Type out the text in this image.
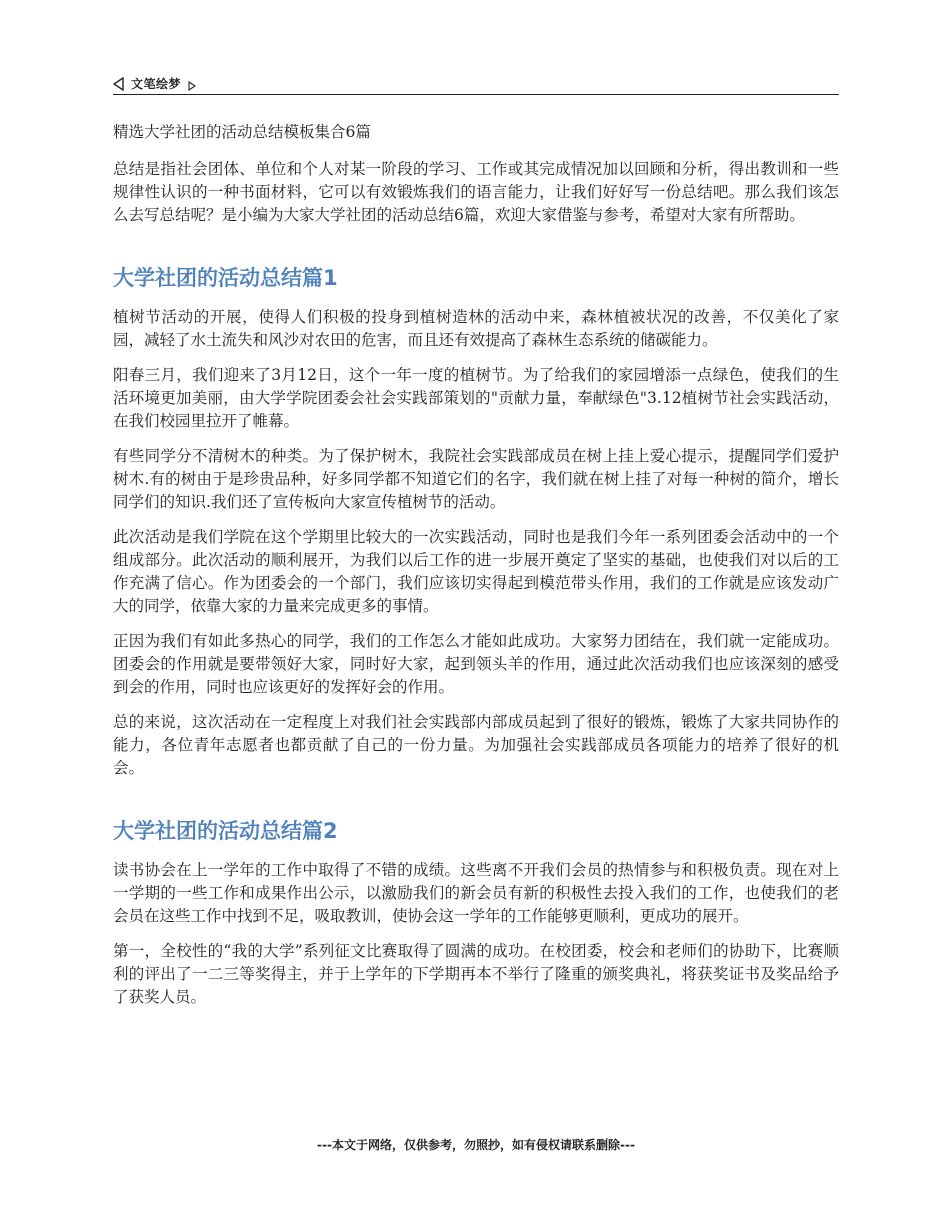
文笔绘梦

精选大学社团的活动总结模板集合6篇

总结是指社会团体、单位和个人对某一阶段的学习、工作或其完成情况加以回顾和分析，得出教训和一些规律性认识的一种书面材料，它可以有效锻炼我们的语言能力，让我们好好写一份总结吧。那么我们该怎么去写总结呢？是小编为大家大学社团的活动总结6篇，欢迎大家借鉴与参考，希望对大家有所帮助。

大学社团的活动总结篇1

植树节活动的开展，使得人们积极的投身到植树造林的活动中来，森林植被状况的改善，不仅美化了家园，减轻了水土流失和风沙对农田的危害，而且还有效提高了森林生态系统的储碳能力。

阳春三月，我们迎来了3月12日，这个一年一度的植树节。为了给我们的家园增添一点绿色，使我们的生活环境更加美丽，由大学学院团委会社会实践部策划的"贡献力量，奉献绿色"3.12植树节社会实践活动，在我们校园里拉开了帷幕。

有些同学分不清树木的种类。为了保护树木，我院社会实践部成员在树上挂上爱心提示，提醒同学们爱护树木.有的树由于是珍贵品种，好多同学都不知道它们的名字，我们就在树上挂了对每一种树的简介，增长同学们的知识.我们还了宣传板向大家宣传植树节的活动。

此次活动是我们学院在这个学期里比较大的一次实践活动，同时也是我们今年一系列团委会活动中的一个组成部分。此次活动的顺利展开，为我们以后工作的进一步展开奠定了坚实的基础，也使我们对以后的工作充满了信心。作为团委会的一个部门，我们应该切实得起到模范带头作用，我们的工作就是应该发动广大的同学，依靠大家的力量来完成更多的事情。

正因为我们有如此多热心的同学，我们的工作怎么才能如此成功。大家努力团结在，我们就一定能成功。团委会的作用就是要带领好大家，同时好大家，起到领头羊的作用，通过此次活动我们也应该深刻的感受到会的作用，同时也应该更好的发挥好会的作用。

总的来说，这次活动在一定程度上对我们社会实践部内部成员起到了很好的锻炼，锻炼了大家共同协作的能力，各位青年志愿者也都贡献了自己的一份力量。为加强社会实践部成员各项能力的培养了很好的机会。

大学社团的活动总结篇2

读书协会在上一学年的工作中取得了不错的成绩。这些离不开我们会员的热情参与和积极负责。现在对上一学期的一些工作和成果作出公示，以激励我们的新会员有新的积极性去投入我们的工作，也使我们的老会员在这些工作中找到不足，吸取教训，使协会这一学年的工作能够更顺利，更成功的展开。

第一，全校性的“我的大学”系列征文比赛取得了圆满的成功。在校团委，校会和老师们的协助下，比赛顺利的评出了一二三等奖得主，并于上学年的下学期再本不举行了隆重的颁奖典礼，将获奖证书及奖品给予了获奖人员。

---本文于网络，仅供参考，勿照抄，如有侵权请联系删除---
